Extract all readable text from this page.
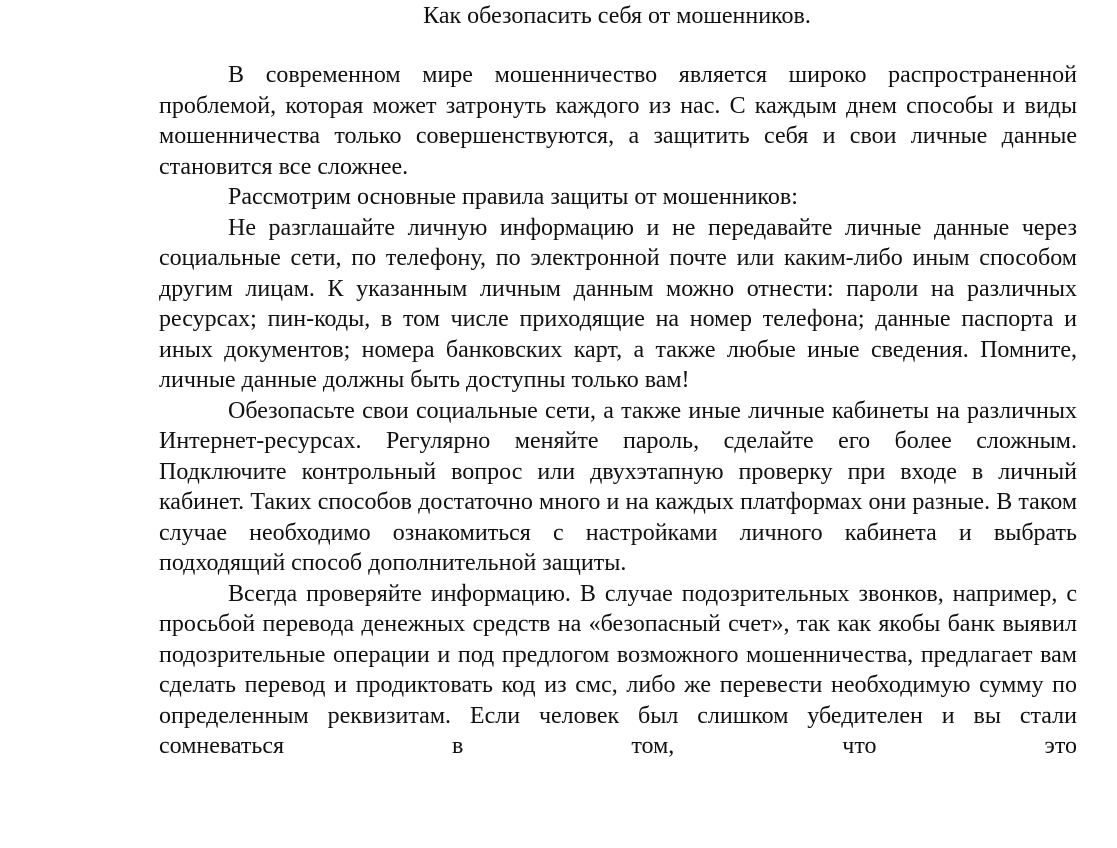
Как обезопасить себя от мошенников.

В современном мире мошенничество является широко распространенной проблемой, которая может затронуть каждого из нас. С каждым днем способы и виды мошенничества только совершенствуются, а защитить себя и свои личные данные становится все сложнее.

Рассмотрим основные правила защиты от мошенников:

Не разглашайте личную информацию и не передавайте личные данные через социальные сети, по телефону, по электронной почте или каким-либо иным способом другим лицам. К указанным личным данным можно отнести: пароли на различных ресурсах; пин-коды, в том числе приходящие на номер телефона; данные паспорта и иных документов; номера банковских карт, а также любые иные сведения. Помните, личные данные должны быть доступны только вам!

Обезопасьте свои социальные сети, а также иные личные кабинеты на различных Интернет-ресурсах. Регулярно меняйте пароль, сделайте его более сложным. Подключите контрольный вопрос или двухэтапную проверку при входе в личный кабинет. Таких способов достаточно много и на каждых платформах они разные. В таком случае необходимо ознакомиться с настройками личного кабинета и выбрать подходящий способ дополнительной защиты.

Всегда проверяйте информацию. В случае подозрительных звонков, например, с просьбой перевода денежных средств на «безопасный счет», так как якобы банк выявил подозрительные операции и под предлогом возможного мошенничества, предлагает вам сделать перевод и продиктовать код из смс, либо же перевести необходимую сумму по определенным реквизитам. Если человек был слишком убедителен и вы стали сомневаться в том, что это
